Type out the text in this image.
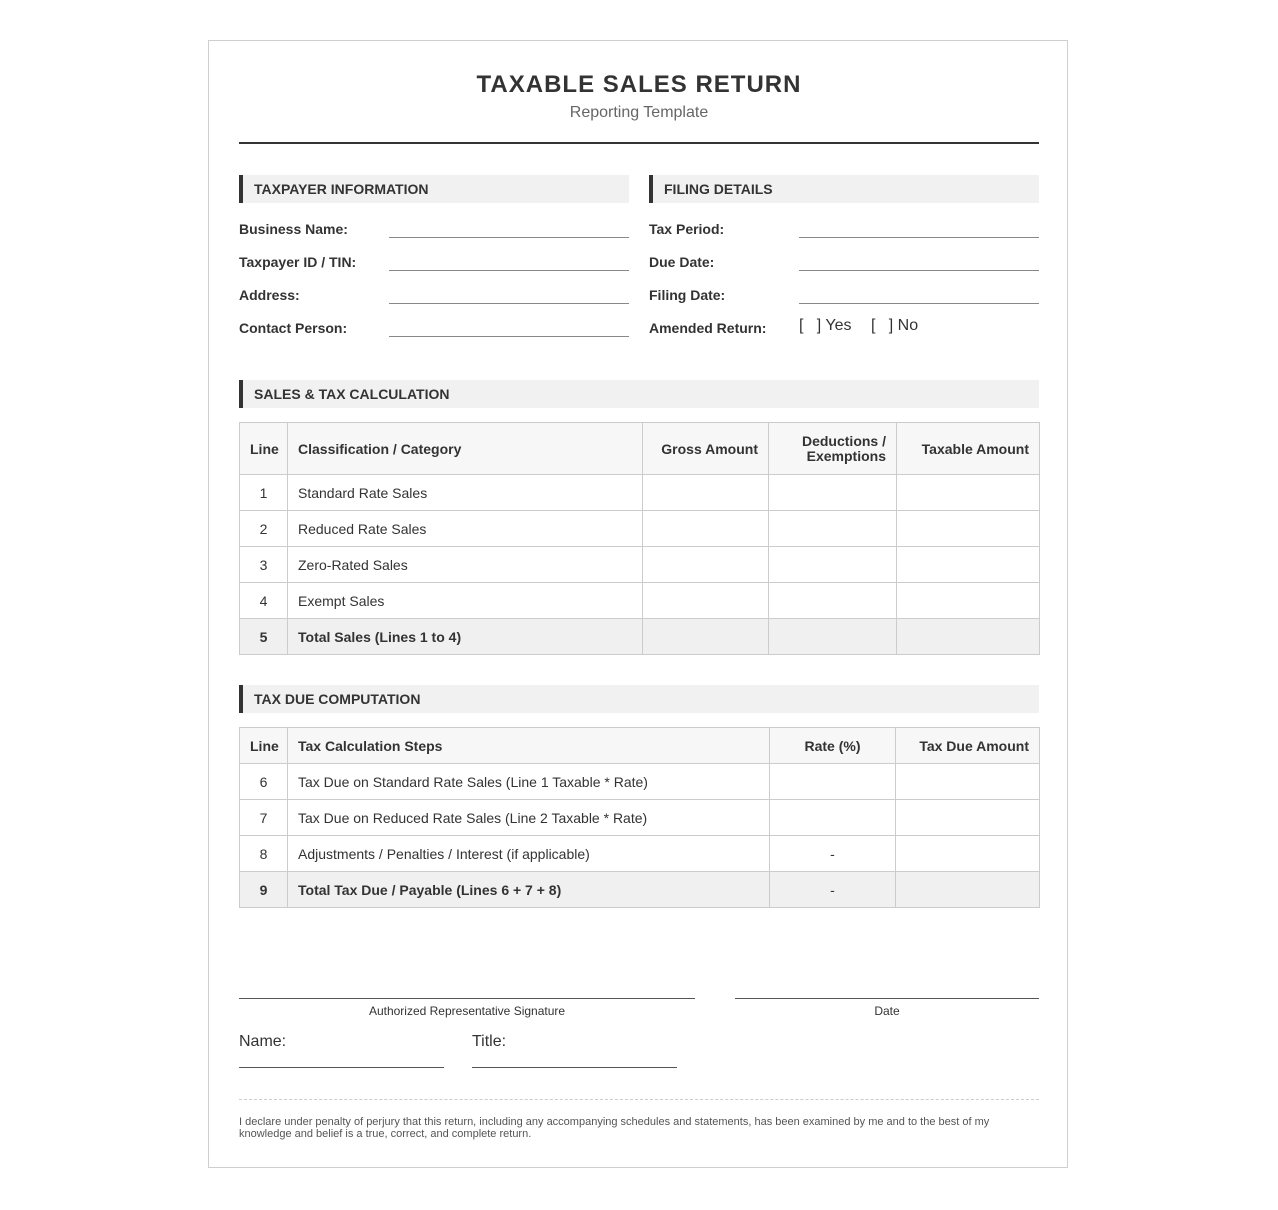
TAXABLE SALES RETURN
Reporting Template
TAXPAYER INFORMATION
Business Name:
Taxpayer ID / TIN:
Address:
Contact Person:
FILING DETAILS
Tax Period:
Due Date:
Filing Date:
Amended Return: [   ] Yes [   ] No
SALES & TAX CALCULATION
Line	Classification / Category	Gross Amount	Deductions / Exemptions	Taxable Amount
1	Standard Rate Sales			
2	Reduced Rate Sales			
3	Zero-Rated Sales			
4	Exempt Sales			
5	Total Sales (Lines 1 to 4)			
TAX DUE COMPUTATION
Line	Tax Calculation Steps	Rate (%)	Tax Due Amount
6	Tax Due on Standard Rate Sales (Line 1 Taxable * Rate)		
7	Tax Due on Reduced Rate Sales (Line 2 Taxable * Rate)		
8	Adjustments / Penalties / Interest (if applicable)	-	
9	Total Tax Due / Payable (Lines 6 + 7 + 8)	-	
Authorized Representative Signature	Date
Name:	Title:
I declare under penalty of perjury that this return, including any accompanying schedules and statements, has been examined by me and to the best of my knowledge and belief is a true, correct, and complete return.
